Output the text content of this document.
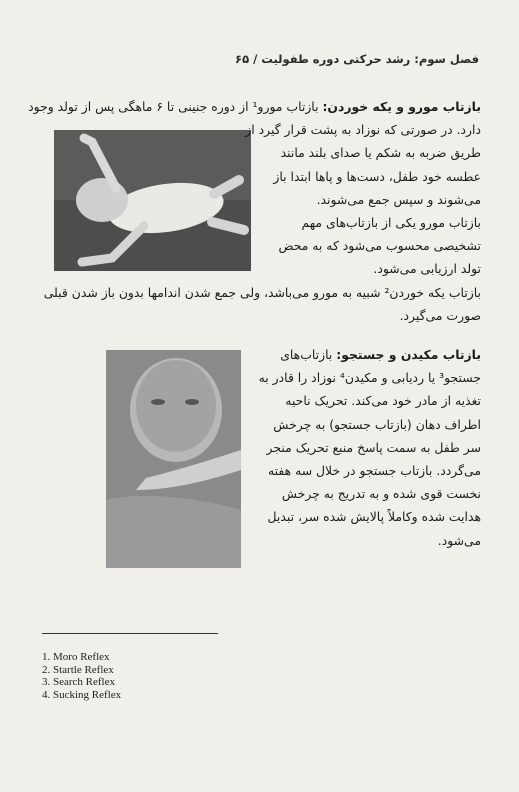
فصل سوم: رشد حرکتی دوره طفولیت / ۶۵
بازتاب مورو و یکه خوردن: بازتاب مورو¹ از دوره جنینی تا ۶ ماهگی پس از تولد وجود
دارد. در صورتی که نوزاد به پشت قرار گیرد از
طریق ضربه به شکم یا صدای بلند مانند
عطسه خود طفل، دست‌ها و پاها ابتدا باز
می‌شوند و سپس جمع می‌شوند.
بازتاب مورو یکی از بازتاب‌های مهم
تشخیصی محسوب می‌شود که به محض
تولد ارزیابی می‌شود.
بازتاب یکه خوردن² شبیه به مورو می‌باشد، ولی جمع شدن اندامها بدون باز شدن قبلی
صورت می‌گیرد.
بازتاب مکیدن و جستجو: بازتاب‌های
جستجو³ یا ردیابی و مکیدن⁴ نوزاد را قادر به
تغذیه از مادر خود می‌کند. تحریک ناحیه
اطراف دهان (بازتاب جستجو) به چرخش
سر طفل به سمت پاسخ منبع تحریک منجر
می‌گردد. بازتاب جستجو در خلال سه هفته
نخست قوی شده و به تدریج به چرخش
هدایت شده وکاملاً پالایش شده سر، تبدیل
می‌شود.
1. Moro Reflex
2. Startle Reflex
3. Search Reflex
4. Sucking Reflex
